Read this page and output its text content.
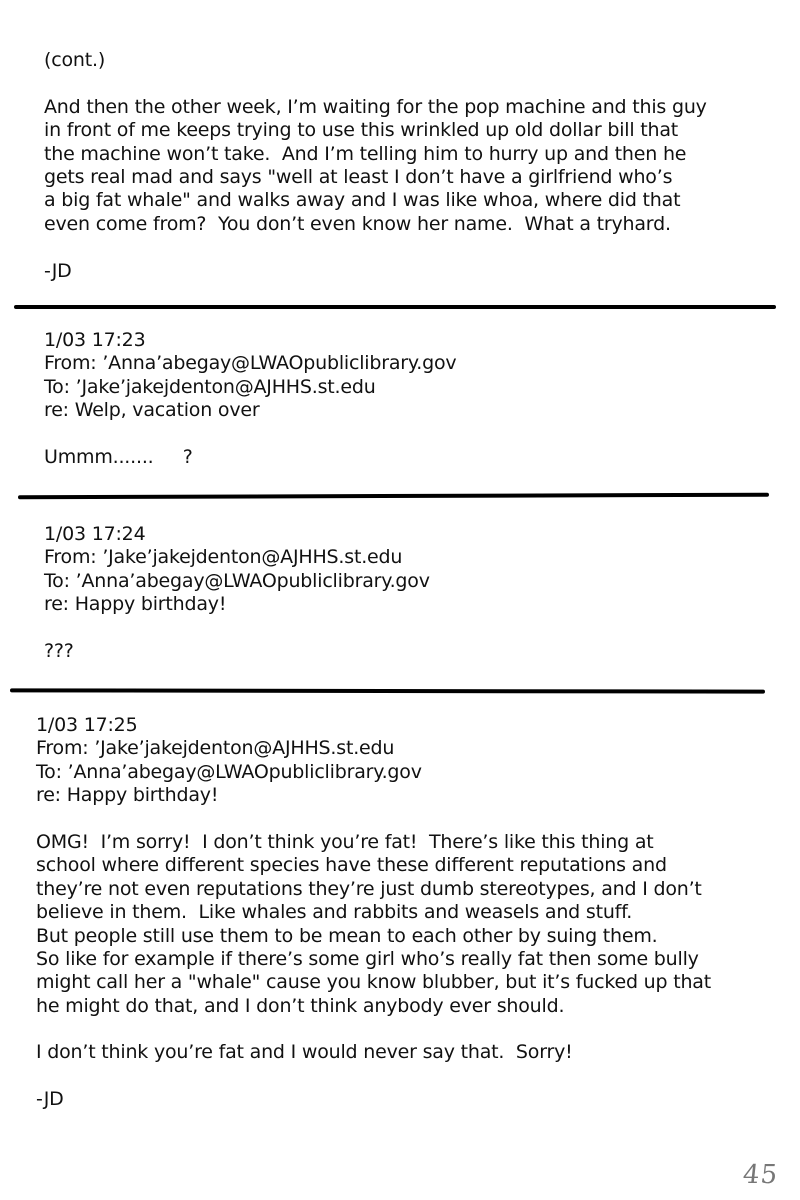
(cont.)
And then the other week, I’m waiting for the pop machine and this guy
in front of me keeps trying to use this wrinkled up old dollar bill that
the machine won’t take.  And I’m telling him to hurry up and then he
gets real mad and says "well at least I don’t have a girlfriend who’s
a big fat whale" and walks away and I was like whoa, where did that
even come from?  You don’t even know her name.  What a tryhard.
-JD
1/03 17:23
From: ’Anna’abegay@LWAOpubliclibrary.gov
To: ’Jake’jakejdenton@AJHHS.st.edu
re: Welp, vacation over
Ummm.......     ?
1/03 17:24
From: ’Jake’jakejdenton@AJHHS.st.edu
To: ’Anna’abegay@LWAOpubliclibrary.gov
re: Happy birthday!
???
1/03 17:25
From: ’Jake’jakejdenton@AJHHS.st.edu
To: ’Anna’abegay@LWAOpubliclibrary.gov
re: Happy birthday!
OMG!  I’m sorry!  I don’t think you’re fat!  There’s like this thing at
school where different species have these different reputations and
they’re not even reputations they’re just dumb stereotypes, and I don’t
believe in them.  Like whales and rabbits and weasels and stuff.
But people still use them to be mean to each other by suing them.
So like for example if there’s some girl who’s really fat then some bully
might call her a "whale" cause you know blubber, but it’s fucked up that
he might do that, and I don’t think anybody ever should.
I don’t think you’re fat and I would never say that.  Sorry!
-JD
45
